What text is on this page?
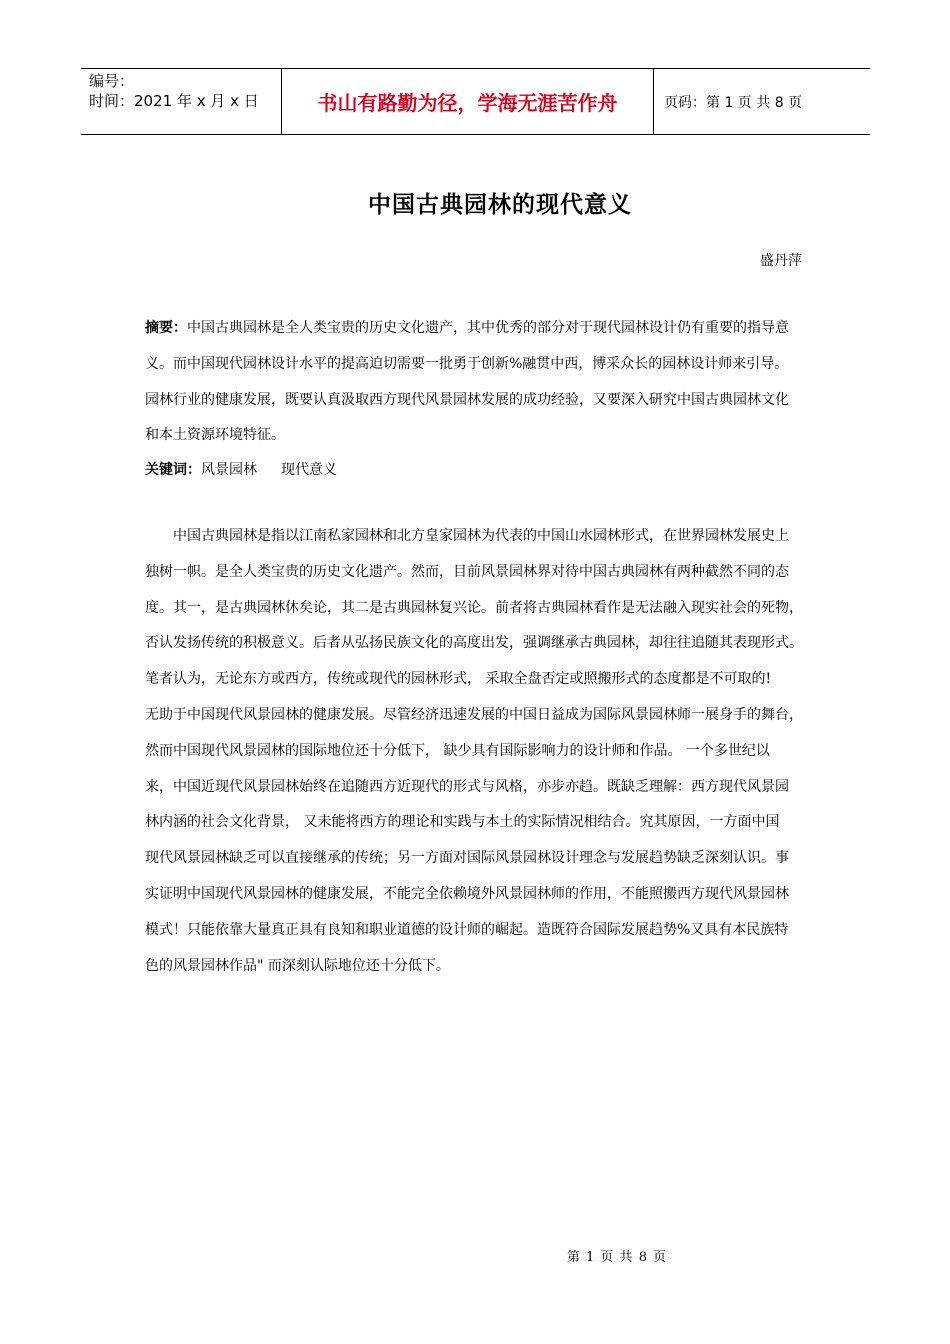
编号：
时间：2021 年 x 月 x 日	书山有路勤为径，学海无涯苦作舟	页码：第 1 页 共 8 页
中国古典园林的现代意义
盛丹萍
摘要：中国古典园林是全人类宝贵的历史文化遗产，其中优秀的部分对于现代园林设计仍有重要的指导意
义。而中国现代园林设计水平的提高迫切需要一批勇于创新%融贯中西，博采众长的园林设计师来引导。
园林行业的健康发展，既要认真汲取西方现代风景园林发展的成功经验，又要深入研究中国古典园林文化
和本土资源环境特征。
关键词：风景园林 现代意义
中国古典园林是指以江南私家园林和北方皇家园林为代表的中国山水园林形式，在世界园林发展史上
独树一帜。是全人类宝贵的历史文化遗产。然而，目前风景园林界对待中国古典园林有两种截然不同的态
度。其一，是古典园林休矣论，其二是古典园林复兴论。前者将古典园林看作是无法融入现实社会的死物，
否认发扬传统的积极意义。后者从弘扬民族文化的高度出发，强调继承古典园林，却往往追随其表现形式。
笔者认为，无论东方或西方，传统或现代的园林形式， 采取全盘否定或照搬形式的态度都是不可取的!
无助于中国现代风景园林的健康发展。尽管经济迅速发展的中国日益成为国际风景园林师一展身手的舞台，
然而中国现代风景园林的国际地位还十分低下， 缺少具有国际影响力的设计师和作品。 一个多世纪以
来，中国近现代风景园林始终在追随西方近现代的形式与风格，亦步亦趋。既缺乏理解：西方现代风景园
林内涵的社会文化背景， 又未能将西方的理论和实践与本土的实际情况相结合。究其原因，一方面中国
现代风景园林缺乏可以直接继承的传统；另一方面对国际风景园林设计理念与发展趋势缺乏深刻认识。事
实证明中国现代风景园林的健康发展，不能完全依赖境外风景园林师的作用，不能照搬西方现代风景园林
模式！只能依靠大量真正具有良知和职业道德的设计师的崛起。造既符合国际发展趋势%又具有本民族特
色的风景园林作品" 而深刻认际地位还十分低下。
第 1 页 共 8 页
